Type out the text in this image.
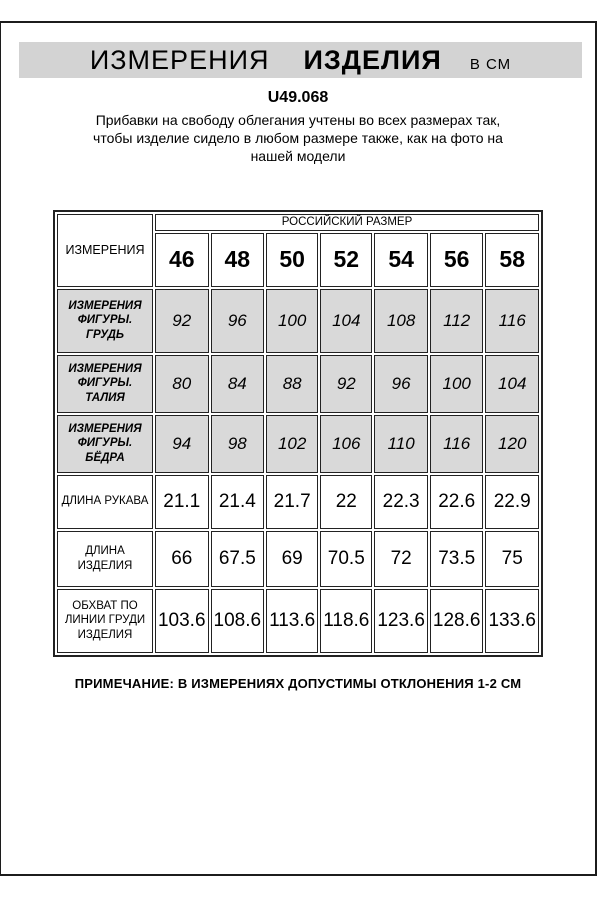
ИЗМЕРЕНИЯ ИЗДЕЛИЯ В СМ
U49.068

Прибавки на свободу облегания учтены во всех размерах так, чтобы изделие сидело в любом размере также, как на фото на нашей модели

ИЗМЕРЕНИЯ	РОССИЙСКИЙ РАЗМЕР						
	46	48	50	52	54	56	58
ИЗМЕРЕНИЯ ФИГУРЫ. ГРУДЬ	92	96	100	104	108	112	116
ИЗМЕРЕНИЯ ФИГУРЫ. ТАЛИЯ	80	84	88	92	96	100	104
ИЗМЕРЕНИЯ ФИГУРЫ. БЁДРА	94	98	102	106	110	116	120
ДЛИНА РУКАВА	21.1	21.4	21.7	22	22.3	22.6	22.9
ДЛИНА ИЗДЕЛИЯ	66	67.5	69	70.5	72	73.5	75
ОБХВАТ ПО ЛИНИИ ГРУДИ ИЗДЕЛИЯ	103.6	108.6	113.6	118.6	123.6	128.6	133.6
ПРИМЕЧАНИЕ: В ИЗМЕРЕНИЯХ ДОПУСТИМЫ ОТКЛОНЕНИЯ 1-2 СМ
